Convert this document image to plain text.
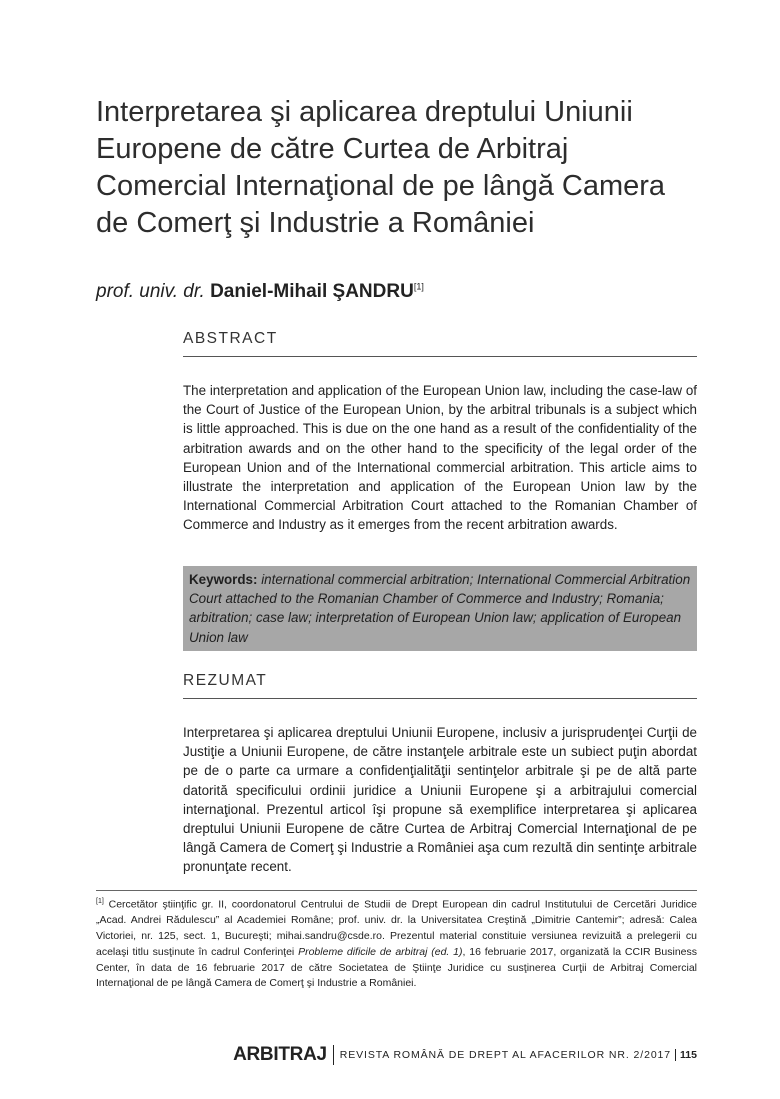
Interpretarea şi aplicarea dreptului Uniunii Europene de către Curtea de Arbitraj Comercial Internaţional de pe lângă Camera de Comerţ şi Industrie a României
prof. univ. dr. Daniel-Mihail ŞANDRU[1]
ABSTRACT

The interpretation and application of the European Union law, including the case-law of the Court of Justice of the European Union, by the arbitral tribunals is a subject which is little approached. This is due on the one hand as a result of the confidentiality of the arbitration awards and on the other hand to the specificity of the legal order of the European Union and of the International commercial arbitration. This article aims to illustrate the interpretation and application of the European Union law by the International Commercial Arbitration Court attached to the Romanian Chamber of Commerce and Industry as it emerges from the recent arbitration awards.

Keywords: international commercial arbitration; International Commercial Arbitration Court attached to the Romanian Chamber of Commerce and Industry; Romania; arbitration; case law; interpretation of European Union law; application of European Union law
REZUMAT

Interpretarea şi aplicarea dreptului Uniunii Europene, inclusiv a jurisprudenţei Curţii de Justiţie a Uniunii Europene, de către instanţele arbitrale este un subiect puţin abordat pe de o parte ca urmare a confidenţialităţii sentinţelor arbitrale şi pe de altă parte datorită specificului ordinii juridice a Uniunii Europene şi a arbitrajului comercial internaţional. Prezentul articol îşi propune să exemplifice interpretarea şi aplicarea dreptului Uniunii Europene de către Curtea de Arbitraj Comercial Internaţional de pe lângă Camera de Comerţ şi Industrie a României aşa cum rezultă din sentinţe arbitrale pronunţate recent.

[1] Cercetător ştiinţific gr. II, coordonatorul Centrului de Studii de Drept European din cadrul Institutului de Cercetări Juridice „Acad. Andrei Rădulescu” al Academiei Române; prof. univ. dr. la Universitatea Creştină „Dimitrie Cantemir”; adresă: Calea Victoriei, nr. 125, sect. 1, Bucureşti; mihai.sandru@csde.ro. Prezentul material constituie versiunea revizuită a prelegerii cu acelaşi titlu susţinute în cadrul Conferinţei Probleme dificile de arbitraj (ed. 1), 16 februarie 2017, organizată la CCIR Business Center, în data de 16 februarie 2017 de către Societatea de Ştiinţe Juridice cu susţinerea Curţii de Arbitraj Comercial Internaţional de pe lângă Camera de Comerţ şi Industrie a României.

ARBITRAJ REVISTA ROMÂNĂ DE DREPT AL AFACERILOR NR. 2/2017 115
